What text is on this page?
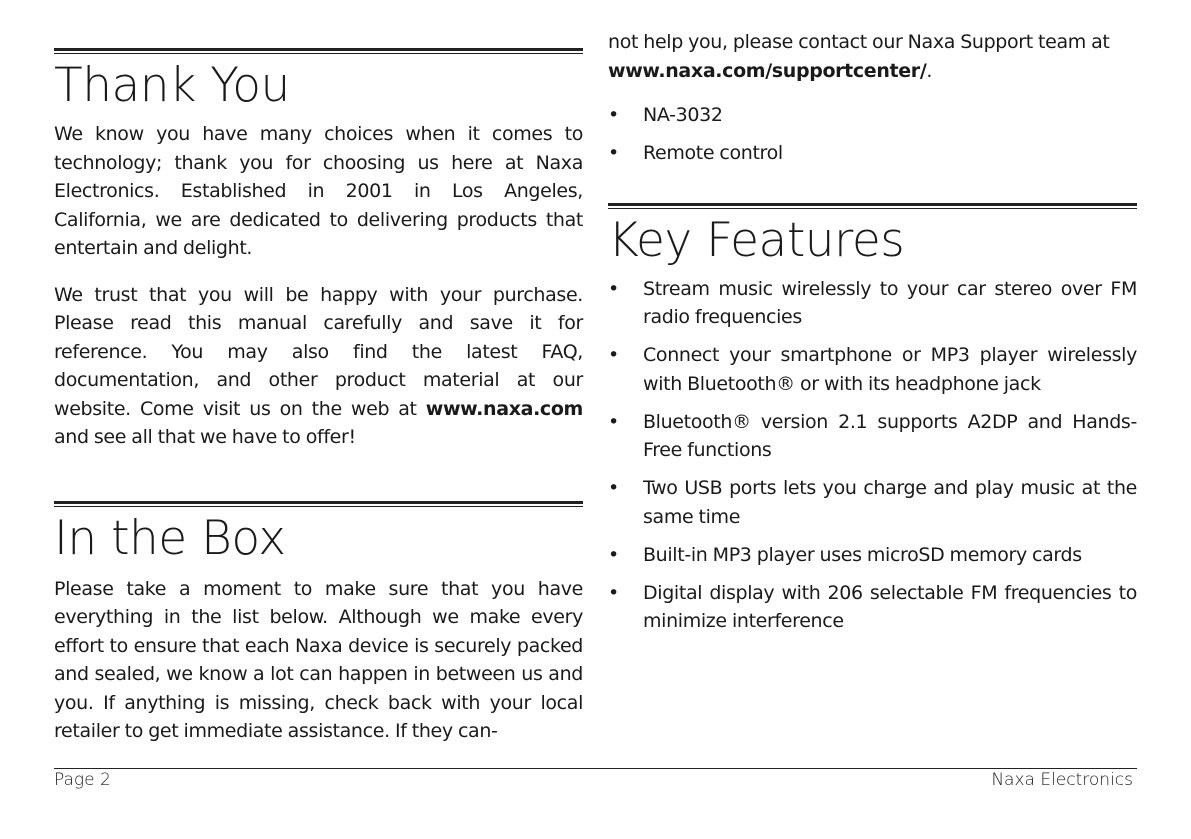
Thank You

We know you have many choices when it comes to technology; thank you for choosing us here at Naxa Electronics. Established in 2001 in Los Angeles, California, we are dedicated to delivering products that entertain and delight.

We trust that you will be happy with your purchase. Please read this manual carefully and save it for reference. You may also find the latest FAQ, documentation, and other product material at our website. Come visit us on the web at www.naxa.com and see all that we have to offer!

In the Box

Please take a moment to make sure that you have everything in the list below. Although we make every effort to ensure that each Naxa device is securely packed and sealed, we know a lot can happen in between us and you. If anything is missing, check back with your local retailer to get immediate assistance. If they can-

not help you, please contact our Naxa Support team at
www.naxa.com/supportcenter/.

• NA-3032
• Remote control
Key Features
• Stream music wirelessly to your car stereo over FM radio frequencies
• Connect your smartphone or MP3 player wirelessly with Bluetooth® or with its headphone jack
• Bluetooth® version 2.1 supports A2DP and Hands-Free functions
• Two USB ports lets you charge and play music at the same time
• Built-in MP3 player uses microSD memory cards
• Digital display with 206 selectable FM frequencies to minimize interference
Page 2	Naxa Electronics
